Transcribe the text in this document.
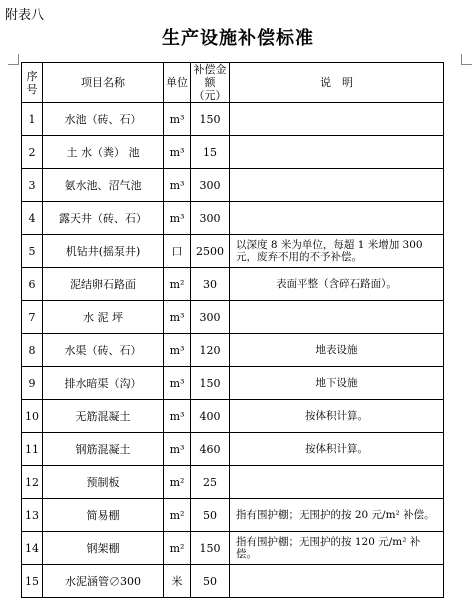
附表八
生产设施补偿标准
序号	项目名称	单位	补偿金额（元）	说　明
1	水池（砖、石）	m³	150	
2	土 水（粪） 池	m³	15	
3	氨水池、沼气池	m³	300	
4	露天井（砖、石）	m³	300	
5	机钻井(摇泵井)	口	2500	以深度 8 米为单位，每超 1 米增加 300 元，废弃不用的不予补偿。
6	泥结卵石路面	m²	30	表面平整（含碎石路面）。
7	水 泥 坪	m³	300	
8	水渠（砖、石）	m³	120	地表设施
9	排水暗渠（沟）	m³	150	地下设施
10	无筋混凝土	m³	400	按体积计算。
11	钢筋混凝土	m³	460	按体积计算。
12	预制板	m²	25	
13	简易棚	m²	50	指有围护棚；无围护的按 20 元/m² 补偿。
14	钢架棚	m²	150	指有围护棚；无围护的按 120 元/m² 补偿。
15	水泥涵管∅300	米	50	
